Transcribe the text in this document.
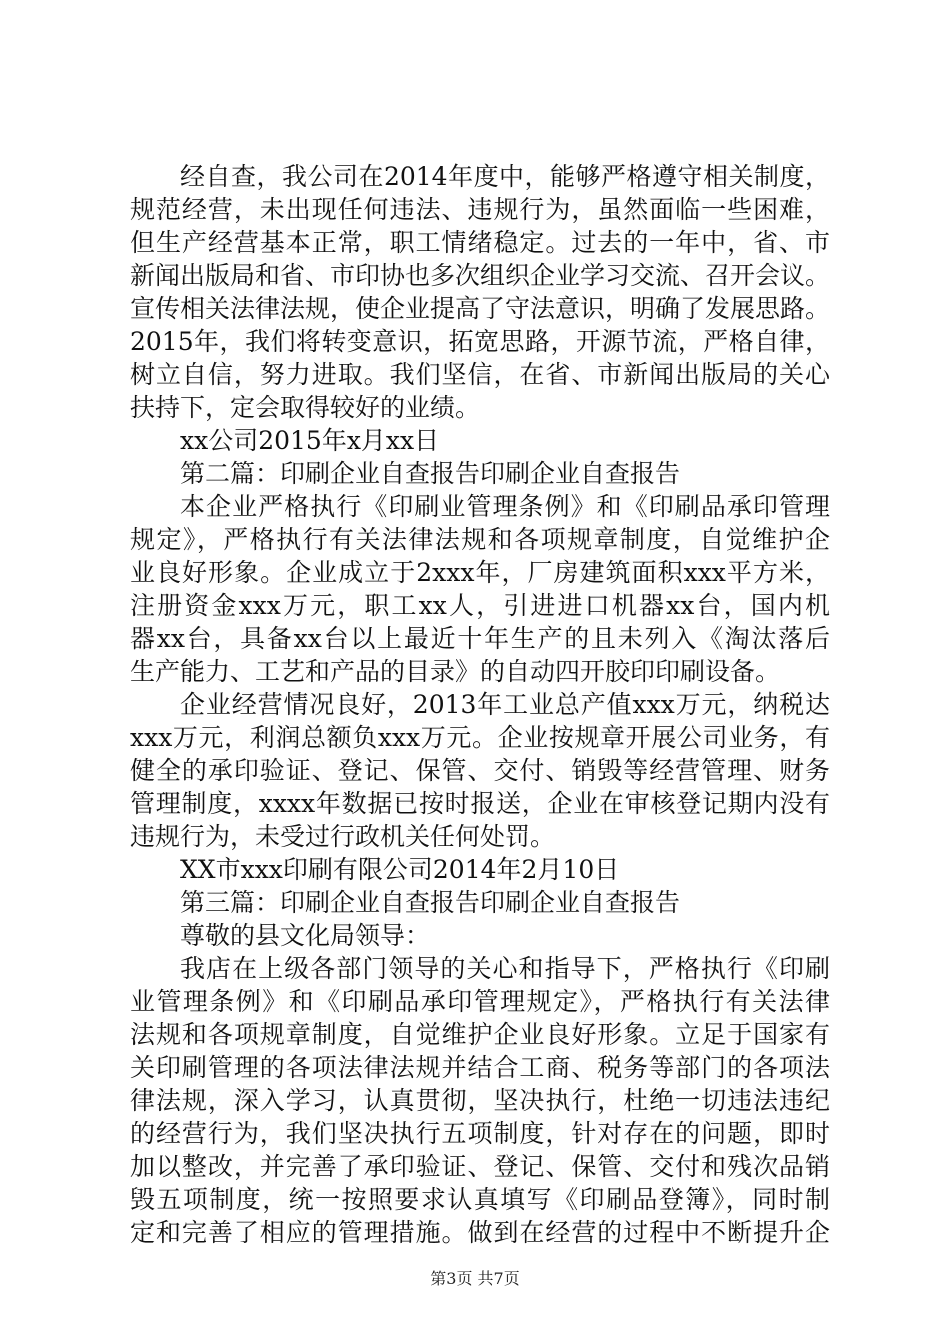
经自查，我公司在2014年度中，能够严格遵守相关制度，
规范经营，未出现任何违法、违规行为，虽然面临一些困难，
但生产经营基本正常，职工情绪稳定。过去的一年中，省、市
新闻出版局和省、市印协也多次组织企业学习交流、召开会议。
宣传相关法律法规，使企业提高了守法意识，明确了发展思路。
2015年，我们将转变意识，拓宽思路，开源节流，严格自律，
树立自信，努力进取。我们坚信，在省、市新闻出版局的关心
扶持下，定会取得较好的业绩。
xx公司2015年x月xx日
第二篇：印刷企业自查报告印刷企业自查报告
本企业严格执行《印刷业管理条例》和《印刷品承印管理
规定》，严格执行有关法律法规和各项规章制度，自觉维护企
业良好形象。企业成立于2xxx年，厂房建筑面积xxx平方米，
注册资金xxx万元，职工xx人，引进进口机器xx台，国内机
器xx台，具备xx台以上最近十年生产的且未列入《淘汰落后
生产能力、工艺和产品的目录》的自动四开胶印印刷设备。
企业经营情况良好，2013年工业总产值xxx万元，纳税达
xxx万元，利润总额负xxx万元。企业按规章开展公司业务，有
健全的承印验证、登记、保管、交付、销毁等经营管理、财务
管理制度，xxxx年数据已按时报送，企业在审核登记期内没有
违规行为，未受过行政机关任何处罚。
XX市xxx印刷有限公司2014年2月10日
第三篇：印刷企业自查报告印刷企业自查报告
尊敬的县文化局领导：
我店在上级各部门领导的关心和指导下，严格执行《印刷
业管理条例》和《印刷品承印管理规定》，严格执行有关法律
法规和各项规章制度，自觉维护企业良好形象。立足于国家有
关印刷管理的各项法律法规并结合工商、税务等部门的各项法
律法规，深入学习，认真贯彻，坚决执行，杜绝一切违法违纪
的经营行为，我们坚决执行五项制度，针对存在的问题，即时
加以整改，并完善了承印验证、登记、保管、交付和残次品销
毁五项制度，统一按照要求认真填写《印刷品登簿》，同时制
定和完善了相应的管理措施。做到在经营的过程中不断提升企
第3页 共7页
